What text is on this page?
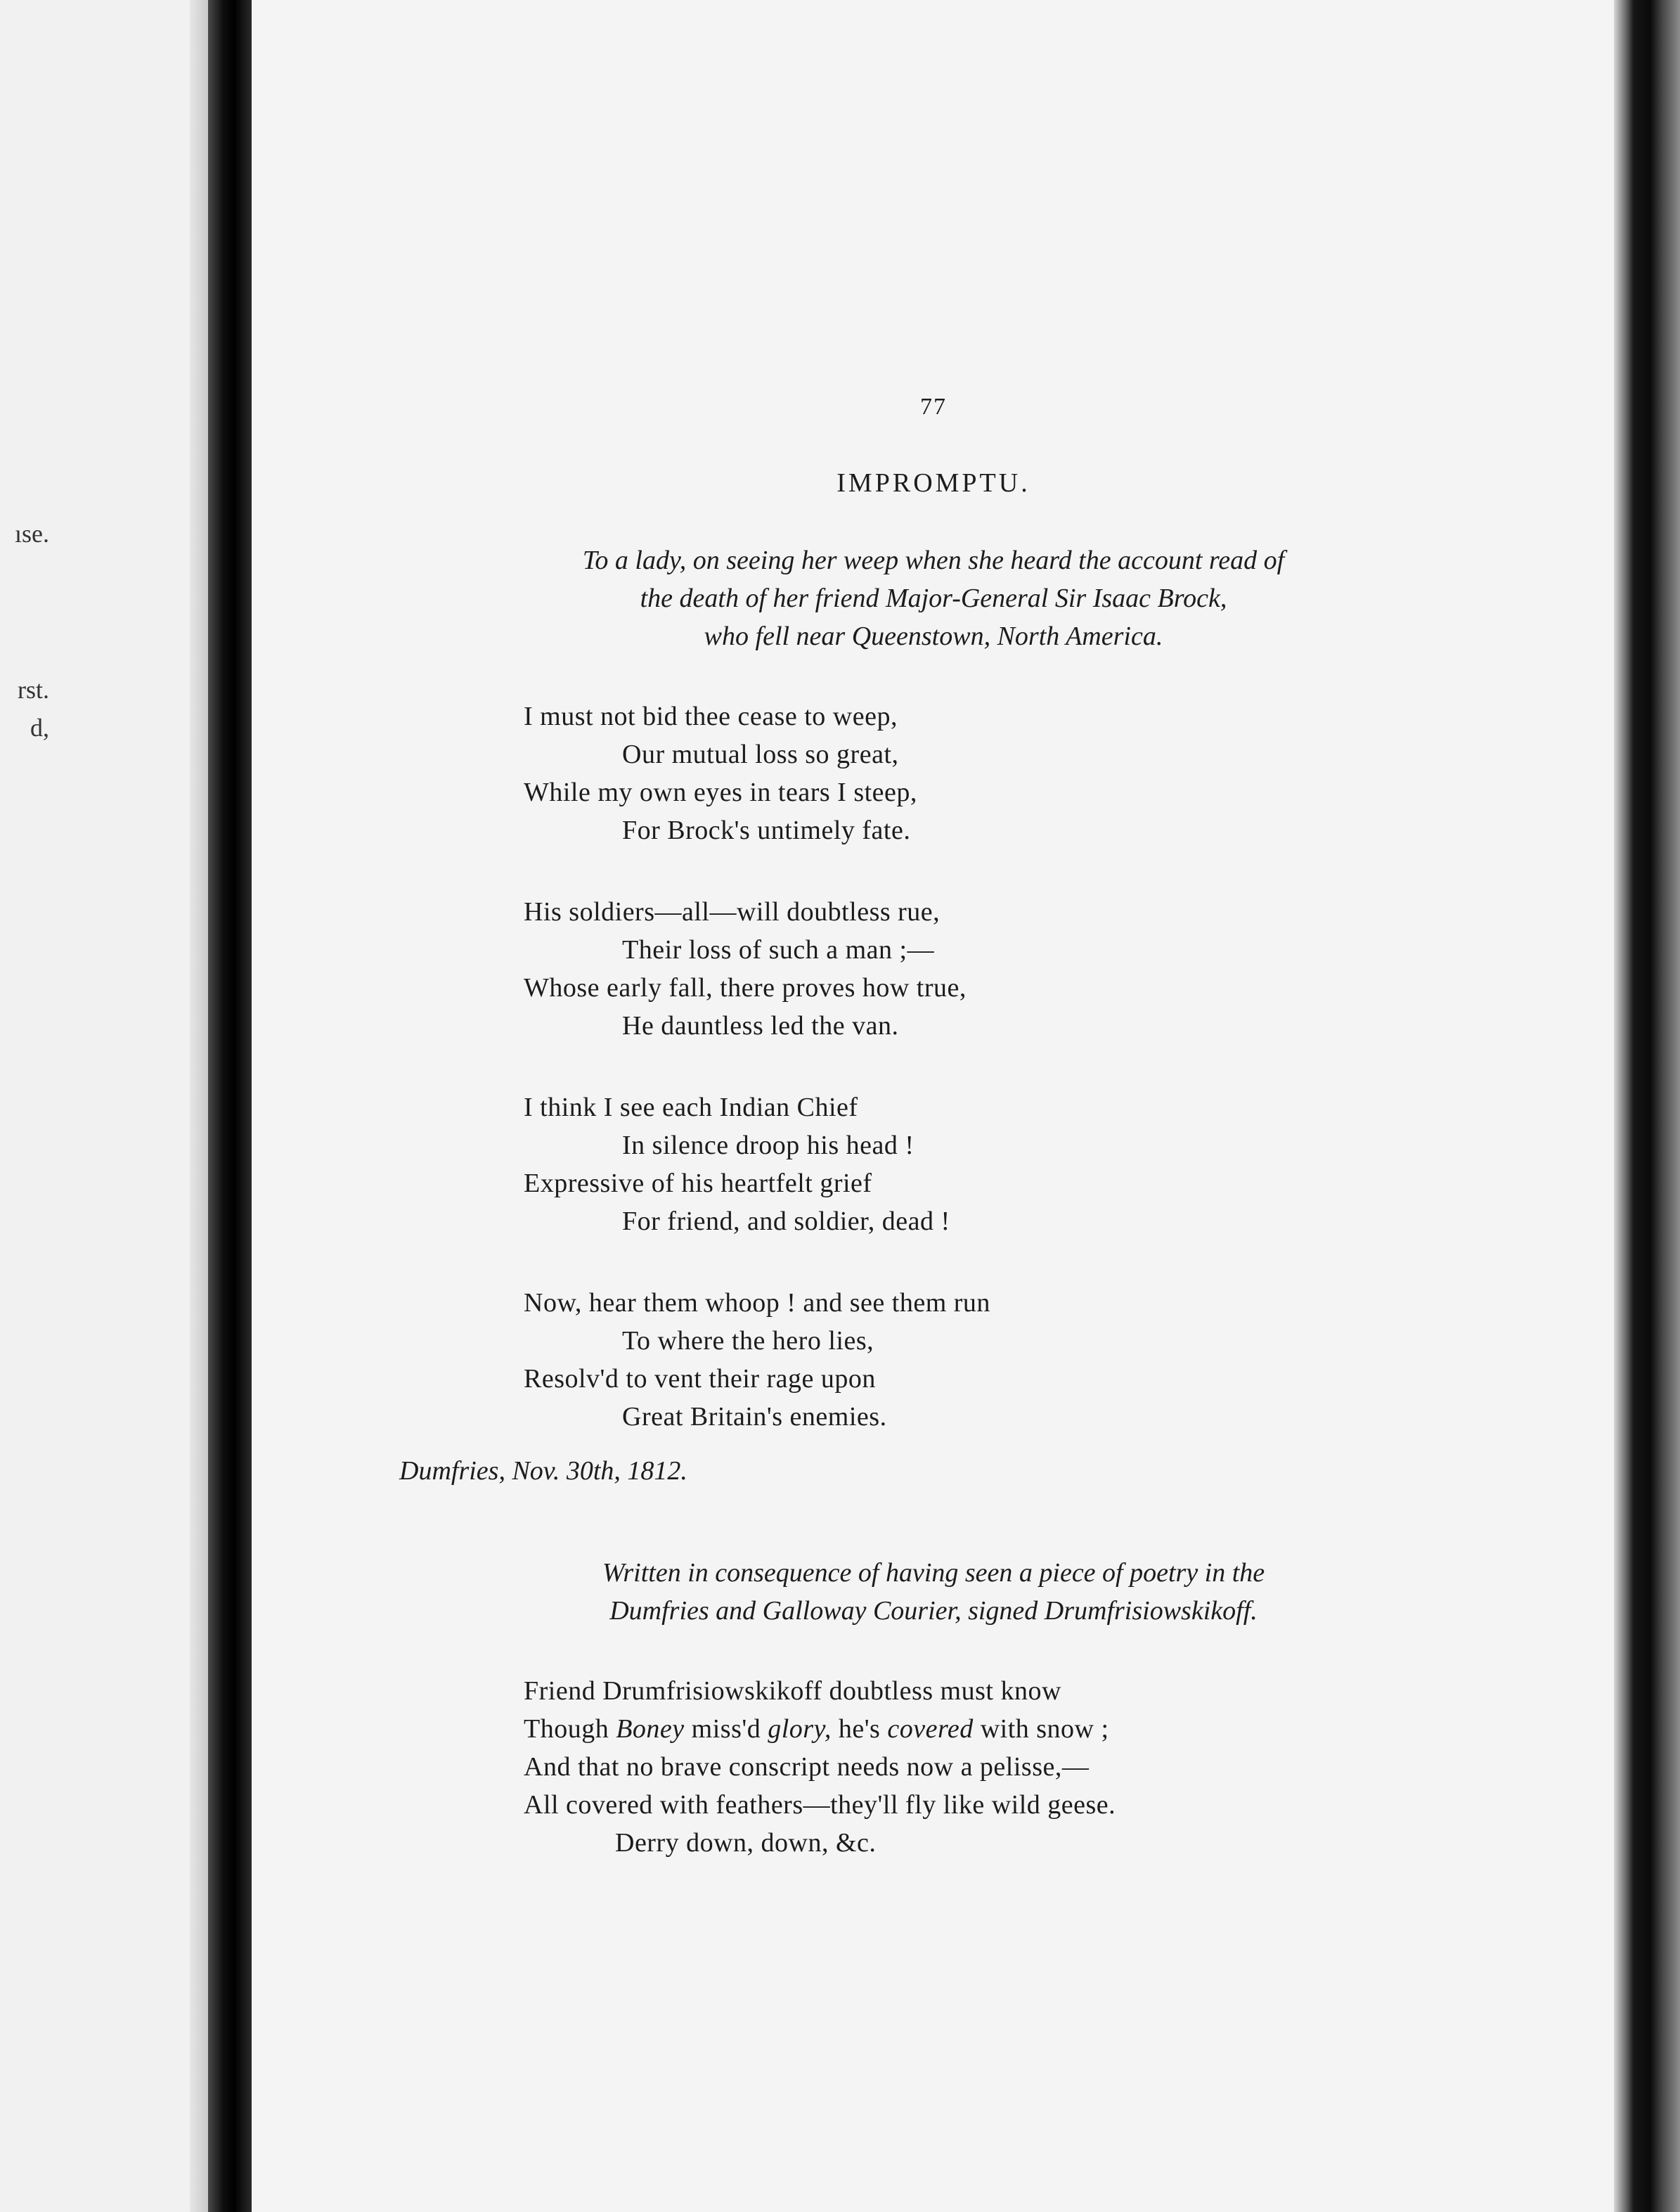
ıse.
rst.
d,
77
IMPROMPTU.
To a lady, on seeing her weep when she heard the account read of
the death of her friend Major-General Sir Isaac Brock,
who fell near Queenstown, North America.
I must not bid thee cease to weep,
Our mutual loss so great,
While my own eyes in tears I steep,
For Brock's untimely fate.
His soldiers—all—will doubtless rue,
Their loss of such a man ;—
Whose early fall, there proves how true,
He dauntless led the van.
I think I see each Indian Chief
In silence droop his head !
Expressive of his heartfelt grief
For friend, and soldier, dead !
Now, hear them whoop ! and see them run
To where the hero lies,
Resolv'd to vent their rage upon
Great Britain's enemies.
Dumfries, Nov. 30th, 1812.
Written in consequence of having seen a piece of poetry in the
Dumfries and Galloway Courier, signed Drumfrisiowskikoff.
Friend Drumfrisiowskikoff doubtless must know
Though Boney miss'd glory, he's covered with snow ;
And that no brave conscript needs now a pelisse,—
All covered with feathers—they'll fly like wild geese.
Derry down, down, &c.
